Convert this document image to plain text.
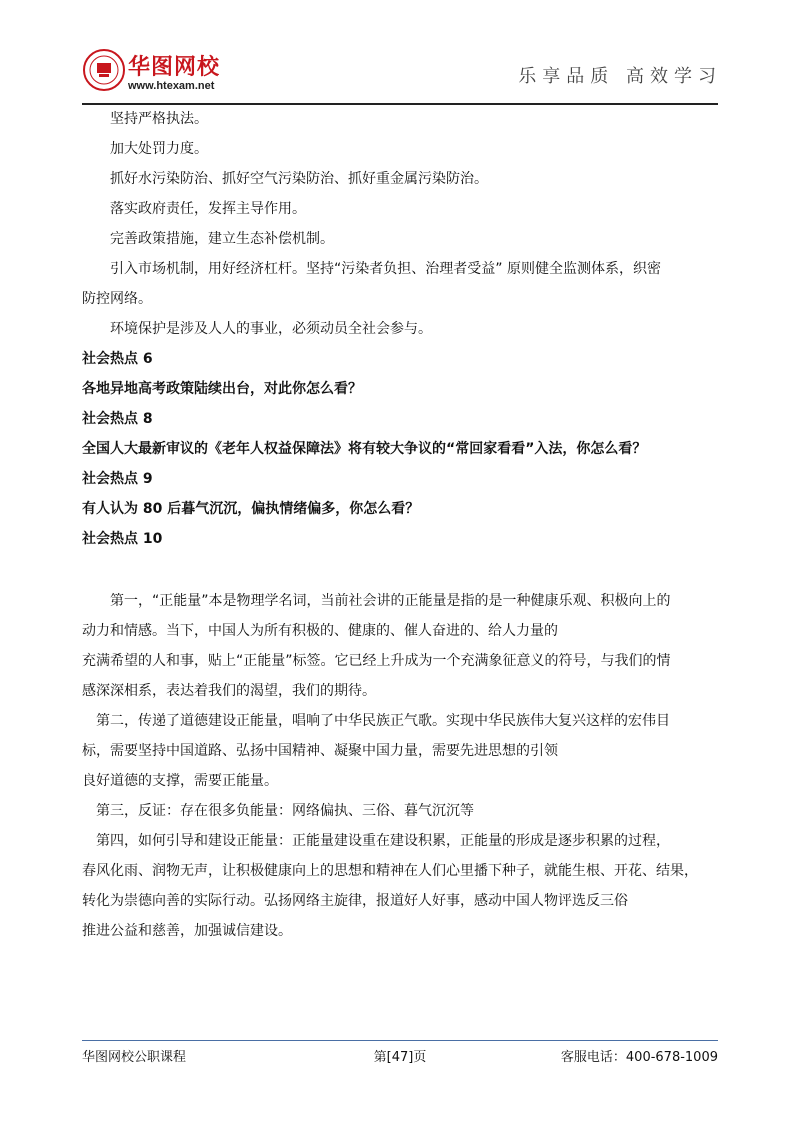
华图网校
www.htexam.net	乐享品质 高效学习

坚持严格执法。

加大处罚力度。

抓好水污染防治、抓好空气污染防治、抓好重金属污染防治。

落实政府责任，发挥主导作用。

完善政策措施，建立生态补偿机制。

引入市场机制，用好经济杠杆。坚持“污染者负担、治理者受益” 原则健全监测体系，织密

防控网络。

环境保护是涉及人人的事业，必须动员全社会参与。

社会热点 6

各地异地高考政策陆续出台，对此你怎么看？

社会热点 8

全国人大最新审议的《老年人权益保障法》将有较大争议的“常回家看看”入法，你怎么看？

社会热点 9

有人认为 80 后暮气沉沉，偏执情绪偏多，你怎么看？

社会热点 10

第一，“正能量”本是物理学名词，当前社会讲的正能量是指的是一种健康乐观、积极向上的

动力和情感。当下，中国人为所有积极的、健康的、催人奋进的、给人力量的

充满希望的人和事，贴上“正能量”标签。它已经上升成为一个充满象征意义的符号，与我们的情

感深深相系，表达着我们的渴望，我们的期待。

第二，传递了道德建设正能量，唱响了中华民族正气歌。实现中华民族伟大复兴这样的宏伟目

标，需要坚持中国道路、弘扬中国精神、凝聚中国力量，需要先进思想的引领

良好道德的支撑，需要正能量。

第三，反证：存在很多负能量：网络偏执、三俗、暮气沉沉等

第四，如何引导和建设正能量：正能量建设重在建设积累，正能量的形成是逐步积累的过程，

春风化雨、润物无声，让积极健康向上的思想和精神在人们心里播下种子，就能生根、开花、结果，

转化为崇德向善的实际行动。弘扬网络主旋律，报道好人好事，感动中国人物评选反三俗

推进公益和慈善，加强诚信建设。

华图网校公职课程	第[47]页	客服电话：400-678-1009
